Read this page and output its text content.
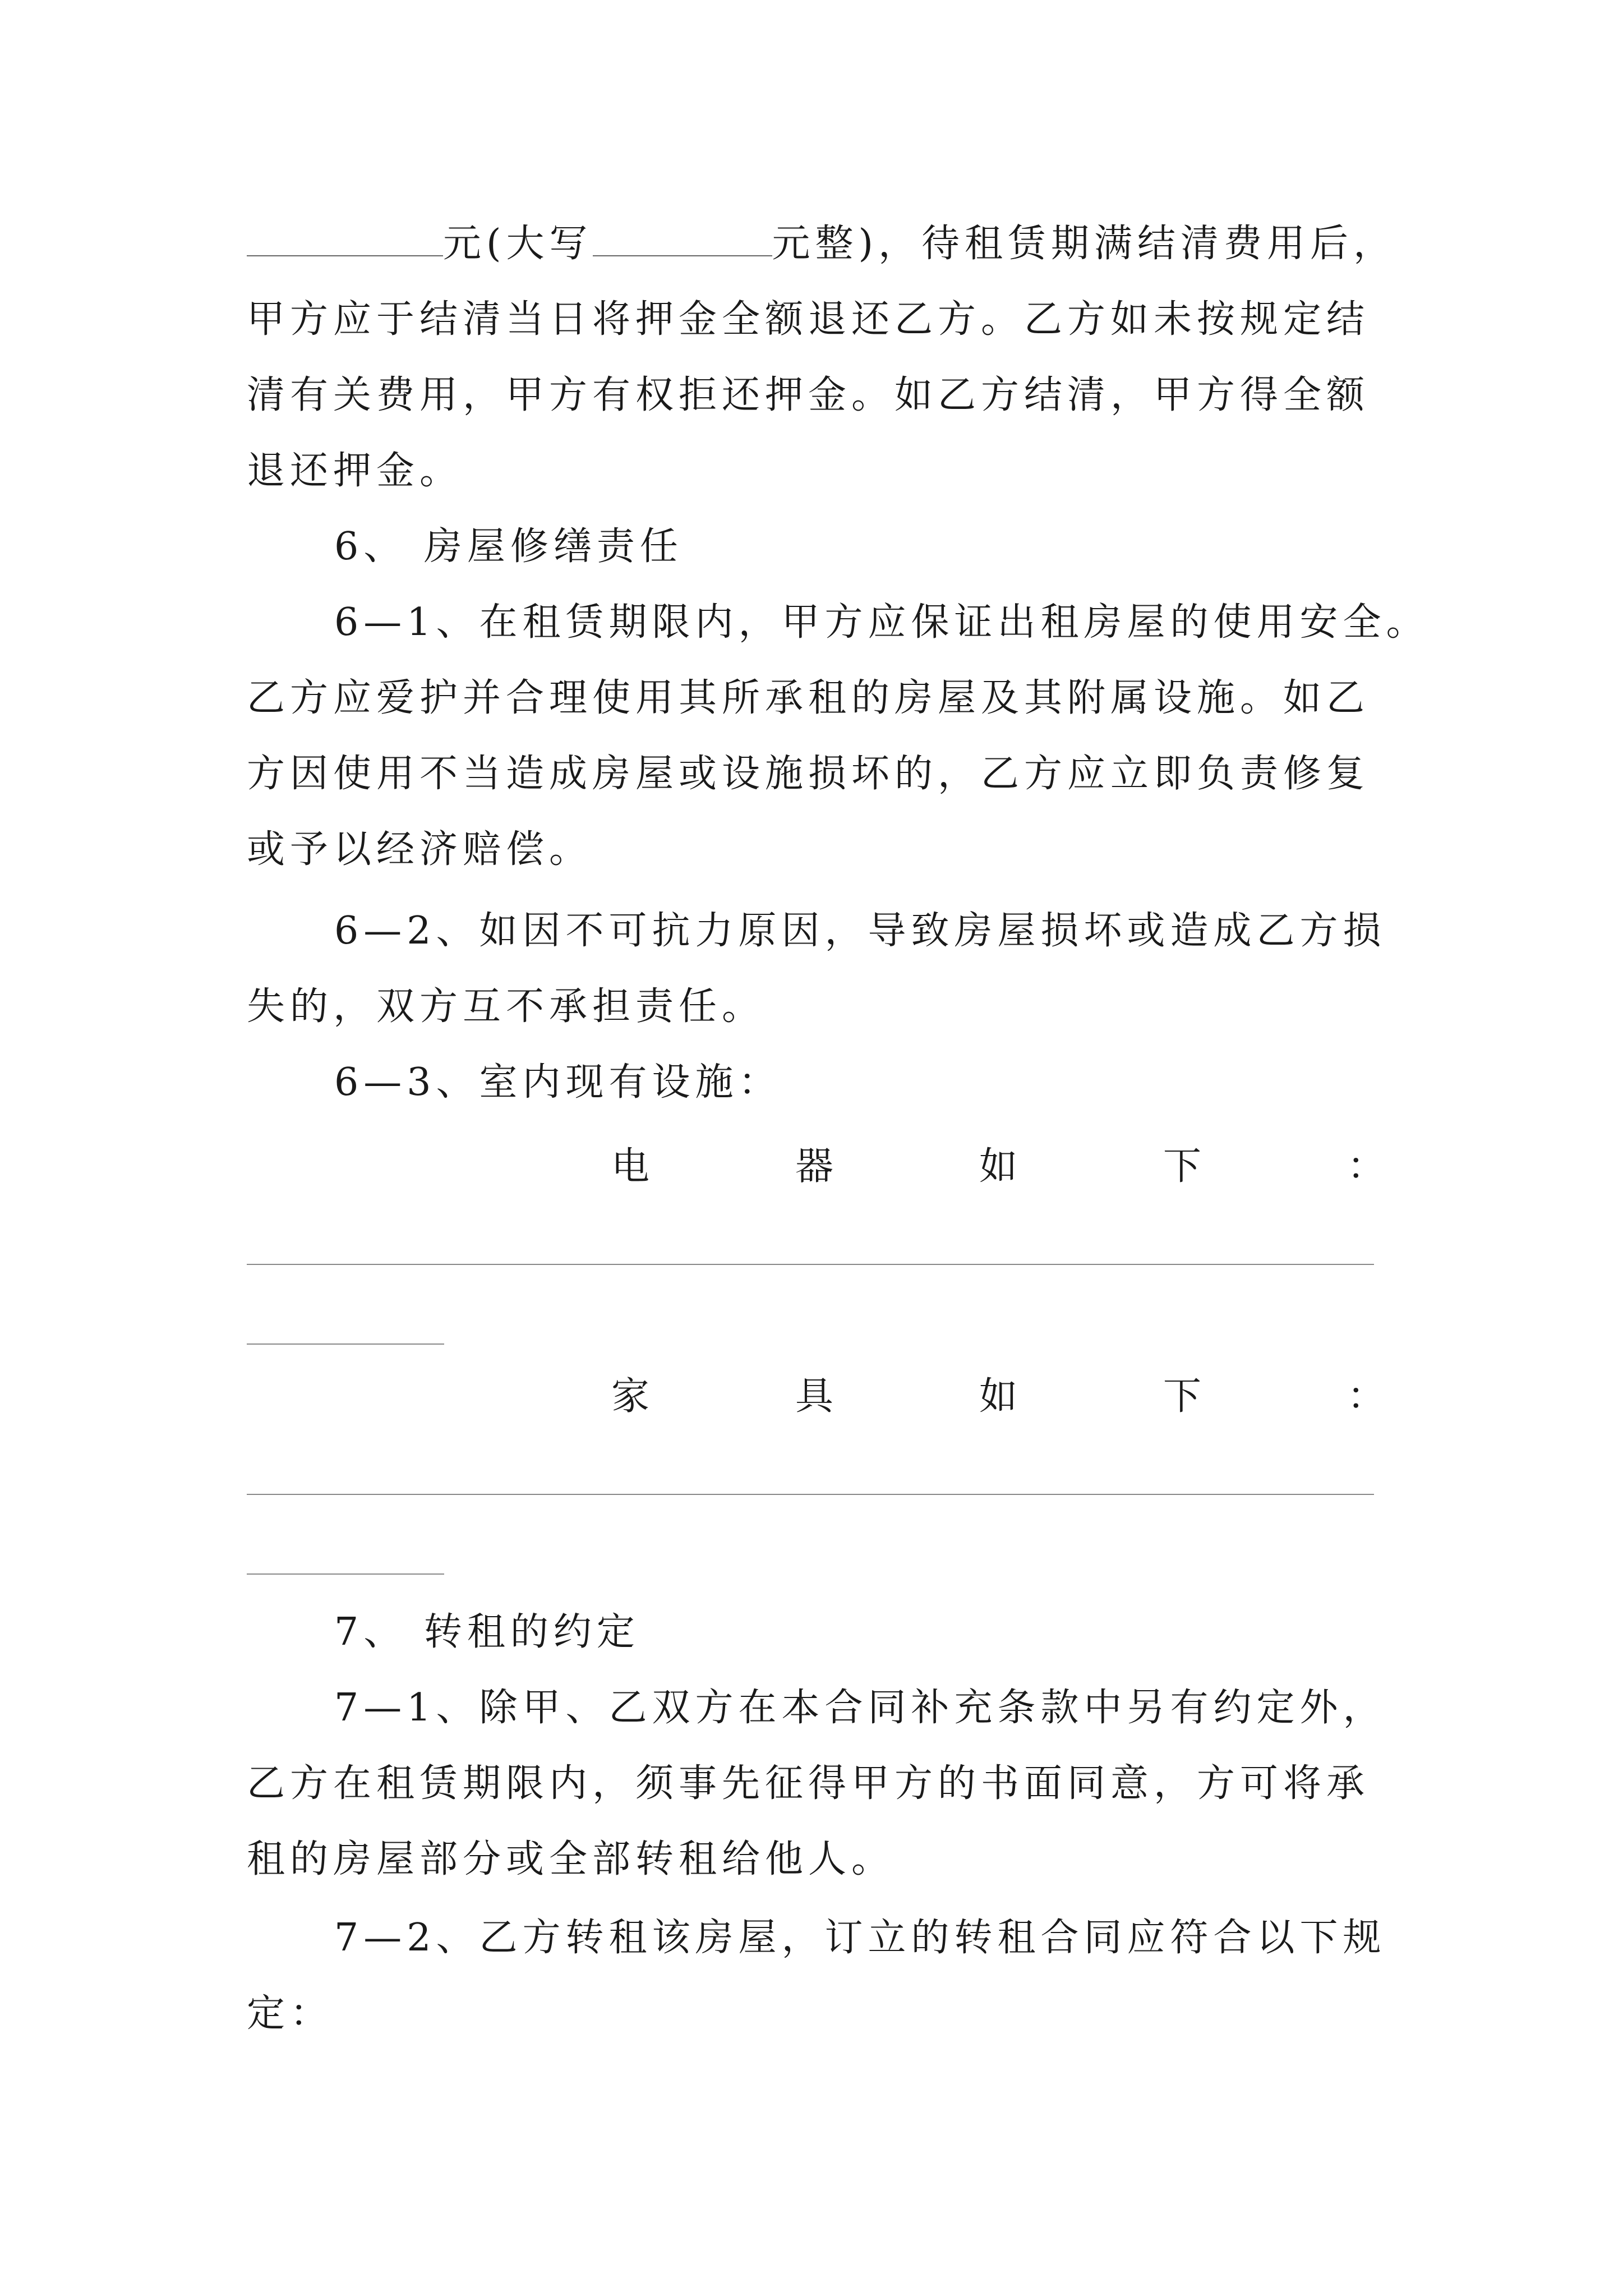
元(大写	元整)，待租赁期满结清费用后，
甲方应于结清当日将押金全额退还乙方。乙方如未按规定结
清有关费用，甲方有权拒还押金。如乙方结清，甲方得全额
退还押金。
6、 房屋修缮责任
6—1、在租赁期限内，甲方应保证出租房屋的使用安全。
乙方应爱护并合理使用其所承租的房屋及其附属设施。如乙
方因使用不当造成房屋或设施损坏的，乙方应立即负责修复
或予以经济赔偿。
6—2、如因不可抗力原因，导致房屋损坏或造成乙方损
失的，双方互不承担责任。
6—3、室内现有设施：
电	器	如	下	：
家	具	如	下	：
7、 转租的约定
7—1、除甲、乙双方在本合同补充条款中另有约定外，
乙方在租赁期限内，须事先征得甲方的书面同意，方可将承
租的房屋部分或全部转租给他人。
7—2、乙方转租该房屋，订立的转租合同应符合以下规
定：
